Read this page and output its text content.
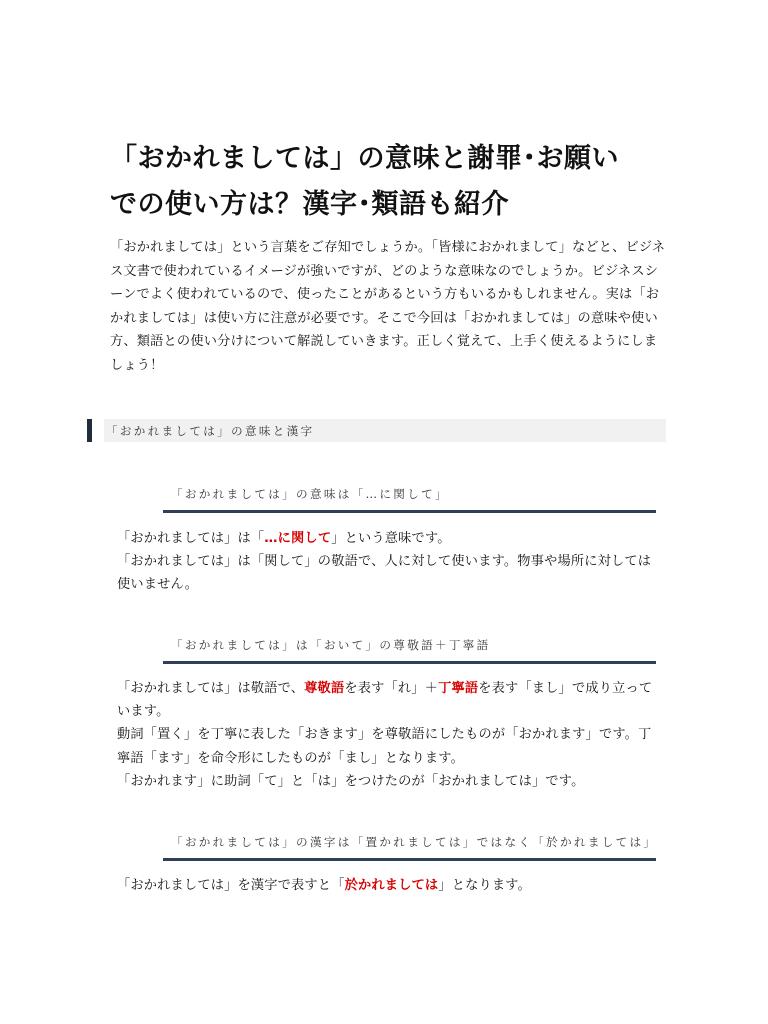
「おかれましては」の意味と謝罪･お願い
での使い方は？漢字･類語も紹介

「おかれましては」という言葉をご存知でしょうか。「皆様におかれまして」などと、ビジネス文書で使われているイメージが強いですが、どのような意味なのでしょうか。ビジネスシーンでよく使われているので、使ったことがあるという方もいるかもしれません。実は「おかれましては」は使い方に注意が必要です。そこで今回は「おかれましては」の意味や使い方、類語との使い分けについて解説していきます。正しく覚えて、上手く使えるようにしましょう！

「おかれましては」の意味と漢字
「おかれましては」の意味は「…に関して」

「おかれましては」は「…に関して」という意味です。
「おかれましては」は「関して」の敬語で、人に対して使います。物事や場所に対しては使いません。

「おかれましては」は「おいて」の尊敬語＋丁寧語

「おかれましては」は敬語で、尊敬語を表す「れ」＋丁寧語を表す「まし」で成り立っています。
動詞「置く」を丁寧に表した「おきます」を尊敬語にしたものが「おかれます」です。丁寧語「ます」を命令形にしたものが「まし」となります。
「おかれます」に助詞「て」と「は」をつけたのが「おかれましては」です。

「おかれましては」の漢字は「置かれましては」ではなく「於かれましては」

「おかれましては」を漢字で表すと「於かれましては」となります。
